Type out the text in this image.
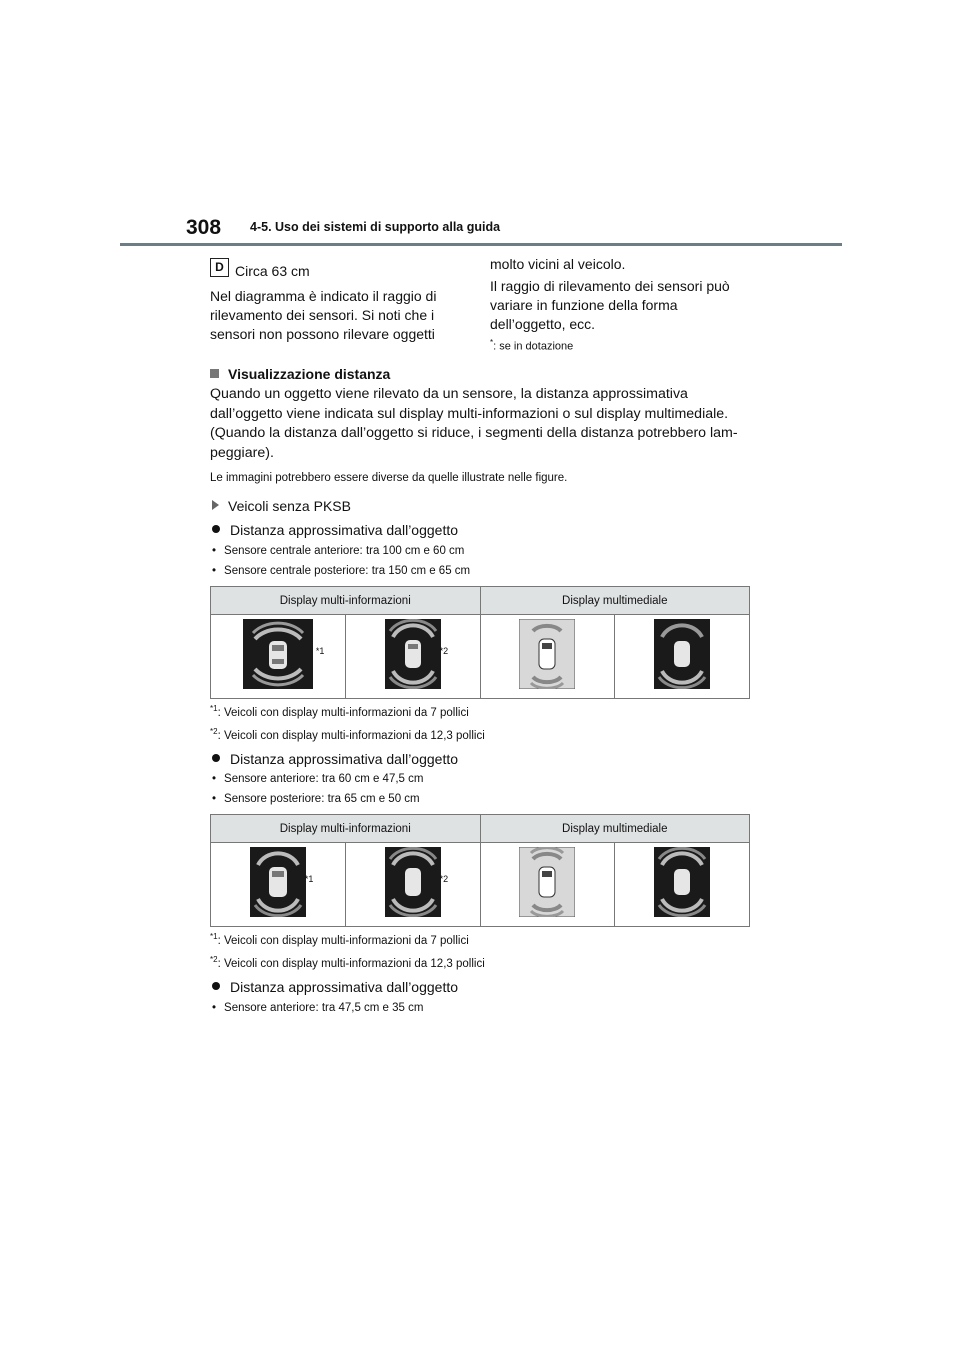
308 4-5. Uso dei sistemi di supporto alla guida
D Circa 63 cm
Nel diagramma è indicato il raggio di rilevamento dei sensori. Si noti che i sensori non possono rilevare oggetti
molto vicini al veicolo.
Il raggio di rilevamento dei sensori può variare in funzione della forma dell’oggetto, ecc.
*: se in dotazione
Visualizzazione distanza
Quando un oggetto viene rilevato da un sensore, la distanza approssimativa dall’oggetto viene indicata sul display multi-informazioni o sul display multimediale. (Quando la distanza dall’oggetto si riduce, i segmenti della distanza potrebbero lam-peggiare).
Le immagini potrebbero essere diverse da quelle illustrate nelle figure.
Veicoli senza PKSB
Distanza approssimativa dall’oggetto
• Sensore centrale anteriore: tra 100 cm e 60 cm
• Sensore centrale posteriore: tra 150 cm e 65 cm
Display multi-informazioni		Display multimediale	

*1	*2

$^{*1}$: Veicoli con display multi-informazioni da 7 pollici
$^{*2}$: Veicoli con display multi-informazioni da 12,3 pollici
Distanza approssimativa dall’oggetto
• Sensore anteriore: tra 60 cm e 47,5 cm
• Sensore posteriore: tra 65 cm e 50 cm
Display multi-informazioni		Display multimediale	

*1	*2

$^{*1}$: Veicoli con display multi-informazioni da 7 pollici
$^{*2}$: Veicoli con display multi-informazioni da 12,3 pollici
Distanza approssimativa dall’oggetto
• Sensore anteriore: tra 47,5 cm e 35 cm
